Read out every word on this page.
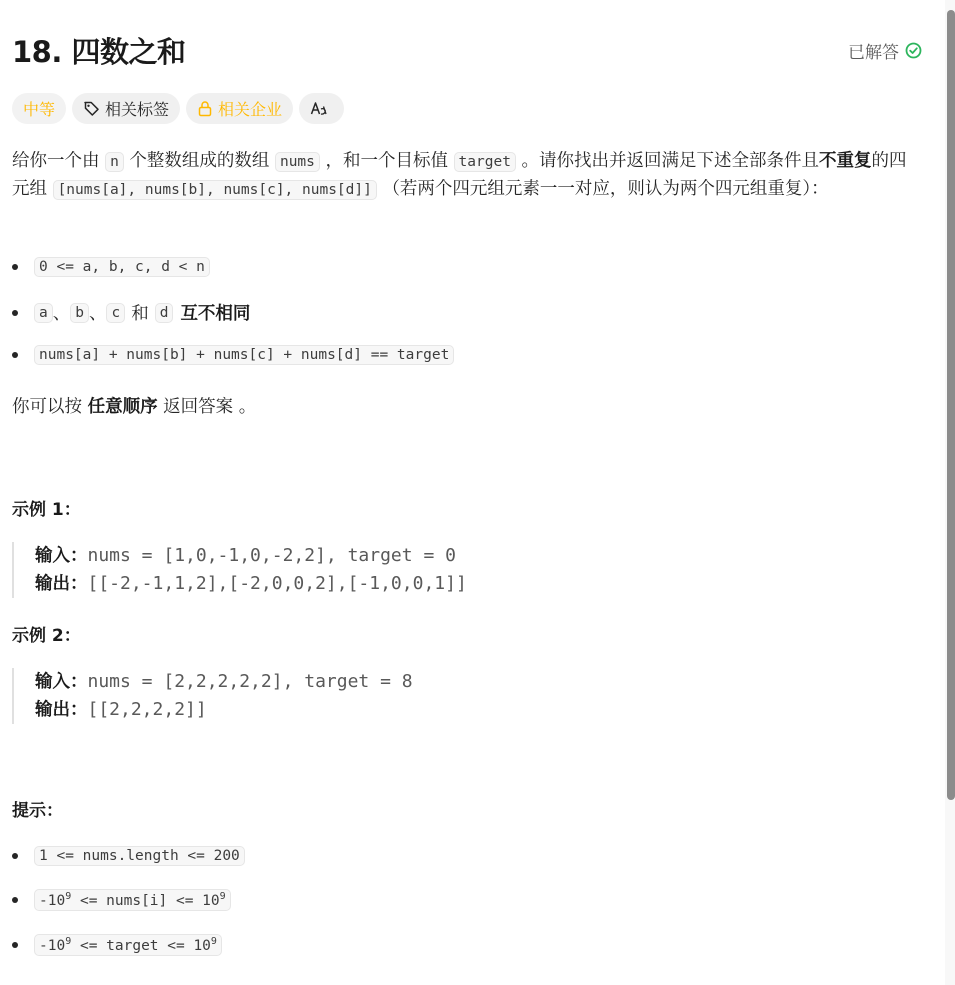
18. 四数之和	已解答
中等	相关标签	相关企业
给你一个由 n 个整数组成的数组 nums ，和一个目标值 target 。请你找出并返回满足下述全部条件且不重复的四元组 [nums[a], nums[b], nums[c], nums[d]] （若两个四元组元素一一对应，则认为两个四元组重复）：
0 <= a, b, c, d < n
a 、 b 、 c 和 d 互不相同
nums[a] + nums[b] + nums[c] + nums[d] == target
你可以按 任意顺序 返回答案 。
示例 1：
输入：nums = [1,0,-1,0,-2,2], target = 0
输出：[[-2,-1,1,2],[-2,0,0,2],[-1,0,0,1]]
示例 2：
输入：nums = [2,2,2,2,2], target = 8
输出：[[2,2,2,2]]
提示：
1 <= nums.length <= 200
$-10^9$ <= nums[i] <= $10^9$
$-10^9$ <= target <= $10^9$
